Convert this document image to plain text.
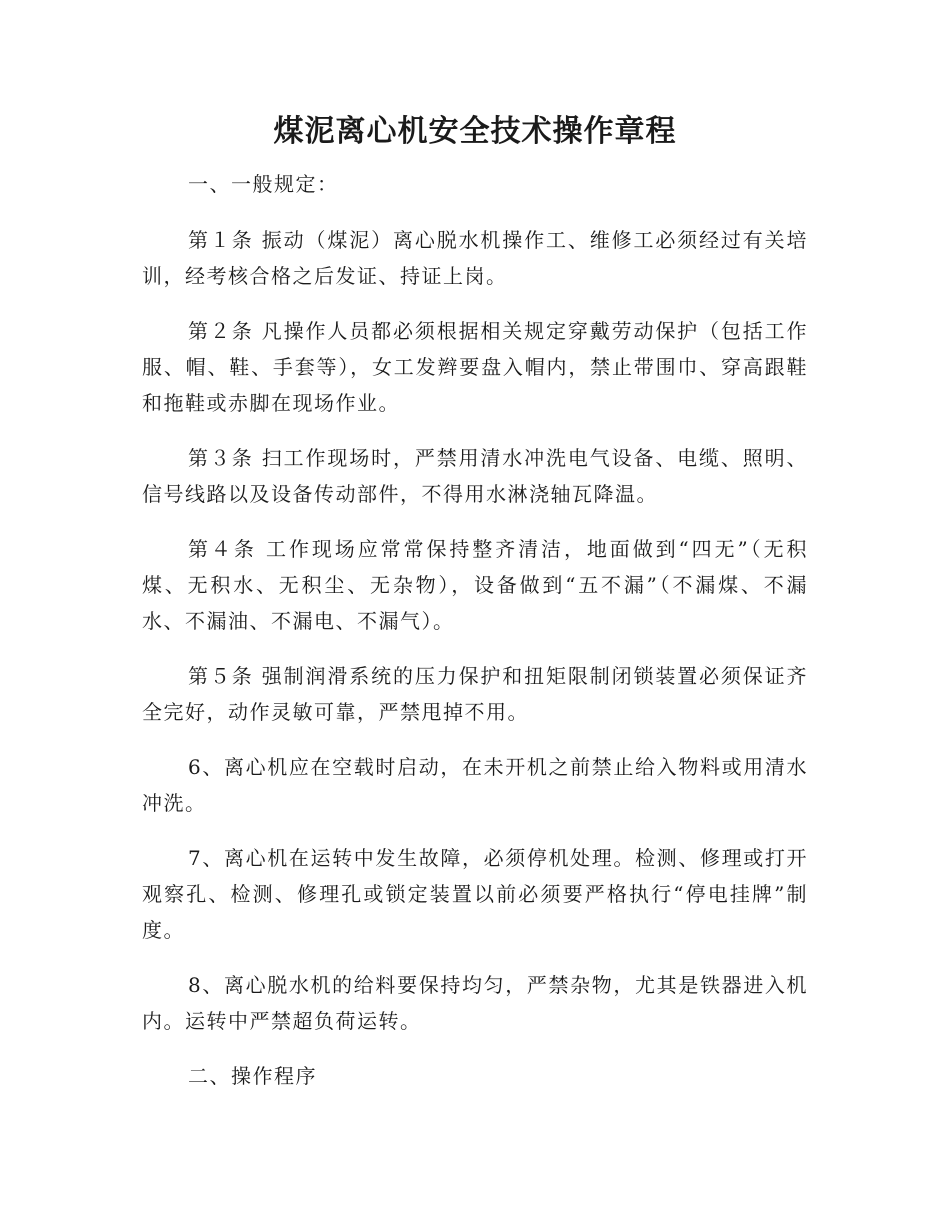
煤泥离心机安全技术操作章程

一、一般规定：

第１条 振动（煤泥）离心脱水机操作工、维修工必须经过有关培训，经考核合格之后发证、持证上岗。

第２条 凡操作人员都必须根据相关规定穿戴劳动保护（包括工作服、帽、鞋、手套等），女工发辫要盘入帽内，禁止带围巾、穿高跟鞋和拖鞋或赤脚在现场作业。

第３条 扫工作现场时，严禁用清水冲洗电气设备、电缆、照明、信号线路以及设备传动部件，不得用水淋浇轴瓦降温。

第４条 工作现场应常常保持整齐清洁，地面做到“四无”（无积煤、无积水、无积尘、无杂物），设备做到“五不漏”（不漏煤、不漏水、不漏油、不漏电、不漏气）。

第５条 强制润滑系统的压力保护和扭矩限制闭锁装置必须保证齐全完好，动作灵敏可靠，严禁甩掉不用。

6、离心机应在空载时启动，在未开机之前禁止给入物料或用清水冲洗。

7、离心机在运转中发生故障，必须停机处理。检测、修理或打开观察孔、检测、修理孔或锁定装置以前必须要严格执行“停电挂牌”制度。

8、离心脱水机的给料要保持均匀，严禁杂物，尤其是铁器进入机内。运转中严禁超负荷运转。

二、操作程序
